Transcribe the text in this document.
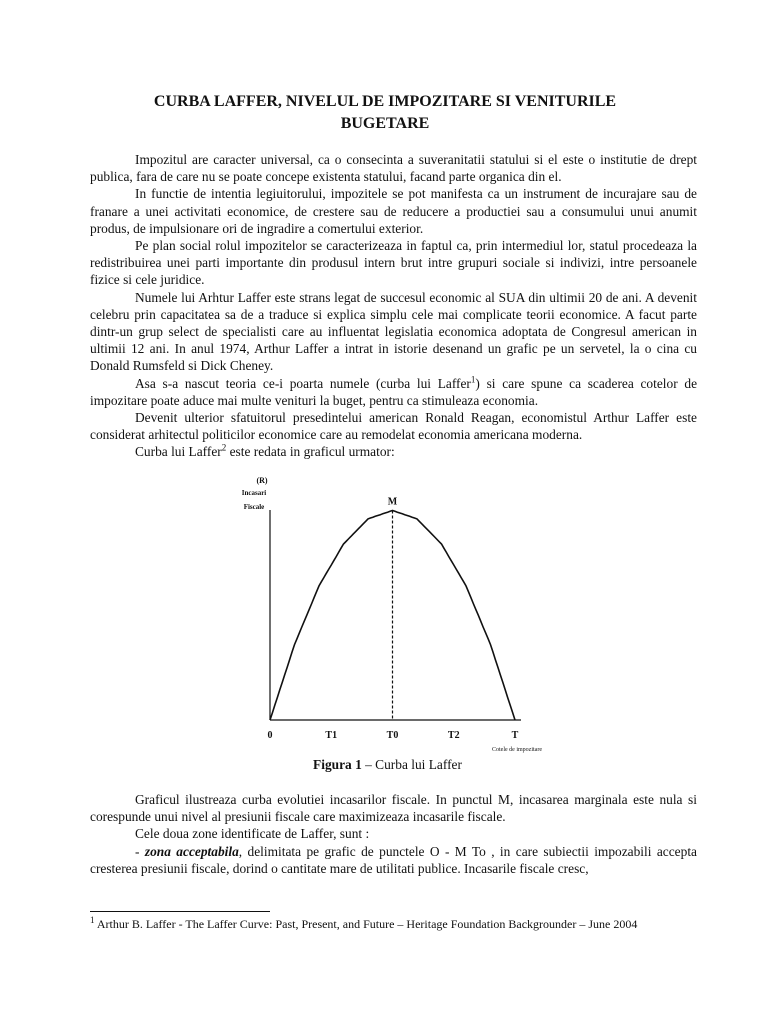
CURBA LAFFER, NIVELUL DE IMPOZITARE SI VENITURILE
BUGETARE

Impozitul are caracter universal, ca o consecinta a suveranitatii statului si el este o institutie de drept publica, fara de care nu se poate concepe existenta statului, facand parte organica din el.

In functie de intentia legiuitorului, impozitele se pot manifesta ca un instrument de incurajare sau de franare a unei activitati economice, de crestere sau de reducere a productiei sau a consumului unui anumit produs, de impulsionare ori de ingradire a comertului exterior.

Pe plan social rolul impozitelor se caracterizeaza in faptul ca, prin intermediul lor, statul procedeaza la redistribuirea unei parti importante din produsul intern brut intre grupuri sociale si indivizi, intre persoanele fizice si cele juridice.

Numele lui Arhtur Laffer este strans legat de succesul economic al SUA din ultimii 20 de ani. A devenit celebru prin capacitatea sa de a traduce si explica simplu cele mai complicate teorii economice. A facut parte dintr-un grup select de specialisti care au influentat legislatia economica adoptata de Congresul american in ultimii 12 ani. In anul 1974, Arthur Laffer a intrat in istorie desenand un grafic pe un servetel, la o cina cu Donald Rumsfeld si Dick Cheney.

Asa s-a nascut teoria ce-i poarta numele (curba lui Laffer$^1$) si care spune ca scaderea cotelor de impozitare poate aduce mai multe venituri la buget, pentru ca stimuleaza economia.

Devenit ulterior sfatuitorul presedintelui american Ronald Reagan, economistul Arthur Laffer este considerat arhitectul politicilor economice care au remodelat economia americana moderna.

Curba lui Laffer$^2$ este redata in graficul urmator:

(R)
Incasari
Fiscale	M
0	T1	T0	T2	T
Cotele de impozitare
Figura 1 – Curba lui Laffer

Graficul ilustreaza curba evolutiei incasarilor fiscale. In punctul M, incasarea marginala este nula si corespunde unui nivel al presiunii fiscale care maximizeaza incasarile fiscale.

Cele doua zone identificate de Laffer, sunt :

- zona acceptabila, delimitata pe grafic de punctele O - M To , in care subiectii impozabili accepta cresterea presiunii fiscale, dorind o cantitate mare de utilitati publice. Incasarile fiscale cresc,

$^1$ Arthur B. Laffer - The Laffer Curve: Past, Present, and Future – Heritage Foundation Backgrounder – June 2004
